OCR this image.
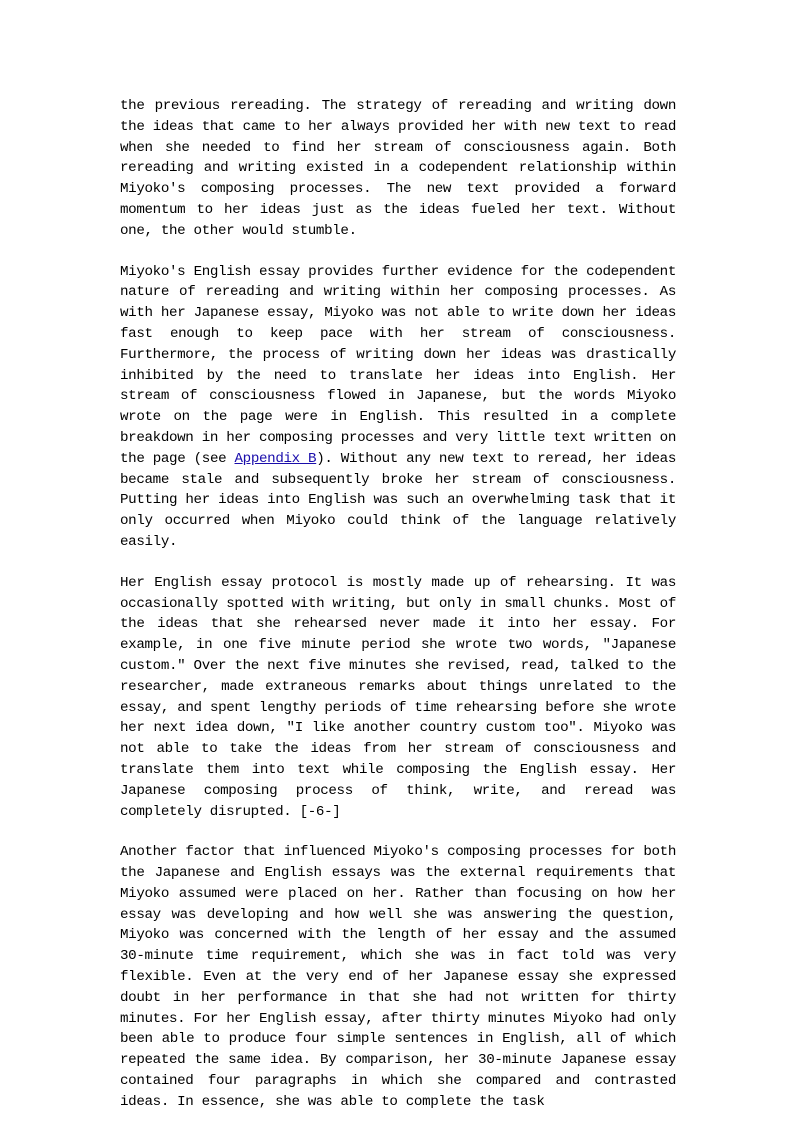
the previous rereading. The strategy of rereading and writing down the ideas that came to her always provided her with new text to read when she needed to find her stream of consciousness again. Both rereading and writing existed in a codependent relationship within Miyoko's composing processes. The new text provided a forward momentum to her ideas just as the ideas fueled her text. Without one, the other would stumble.

Miyoko's English essay provides further evidence for the codependent nature of rereading and writing within her composing processes. As with her Japanese essay, Miyoko was not able to write down her ideas fast enough to keep pace with her stream of consciousness. Furthermore, the process of writing down her ideas was drastically inhibited by the need to translate her ideas into English. Her stream of consciousness flowed in Japanese, but the words Miyoko wrote on the page were in English. This resulted in a complete breakdown in her composing processes and very little text written on the page (see Appendix B). Without any new text to reread, her ideas became stale and subsequently broke her stream of consciousness. Putting her ideas into English was such an overwhelming task that it only occurred when Miyoko could think of the language relatively easily.

Her English essay protocol is mostly made up of rehearsing. It was occasionally spotted with writing, but only in small chunks. Most of the ideas that she rehearsed never made it into her essay. For example, in one five minute period she wrote two words, "Japanese custom." Over the next five minutes she revised, read, talked to the researcher, made extraneous remarks about things unrelated to the essay, and spent lengthy periods of time rehearsing before she wrote her next idea down, "I like another country custom too". Miyoko was not able to take the ideas from her stream of consciousness and translate them into text while composing the English essay. Her Japanese composing process of think, write, and reread was completely disrupted. [-6-]

Another factor that influenced Miyoko's composing processes for both the Japanese and English essays was the external requirements that Miyoko assumed were placed on her. Rather than focusing on how her essay was developing and how well she was answering the question, Miyoko was concerned with the length of her essay and the assumed 30-minute time requirement, which she was in fact told was very flexible. Even at the very end of her Japanese essay she expressed doubt in her performance in that she had not written for thirty minutes. For her English essay, after thirty minutes Miyoko had only been able to produce four simple sentences in English, all of which repeated the same idea. By comparison, her 30-minute Japanese essay contained four paragraphs in which she compared and contrasted ideas. In essence, she was able to complete the task
